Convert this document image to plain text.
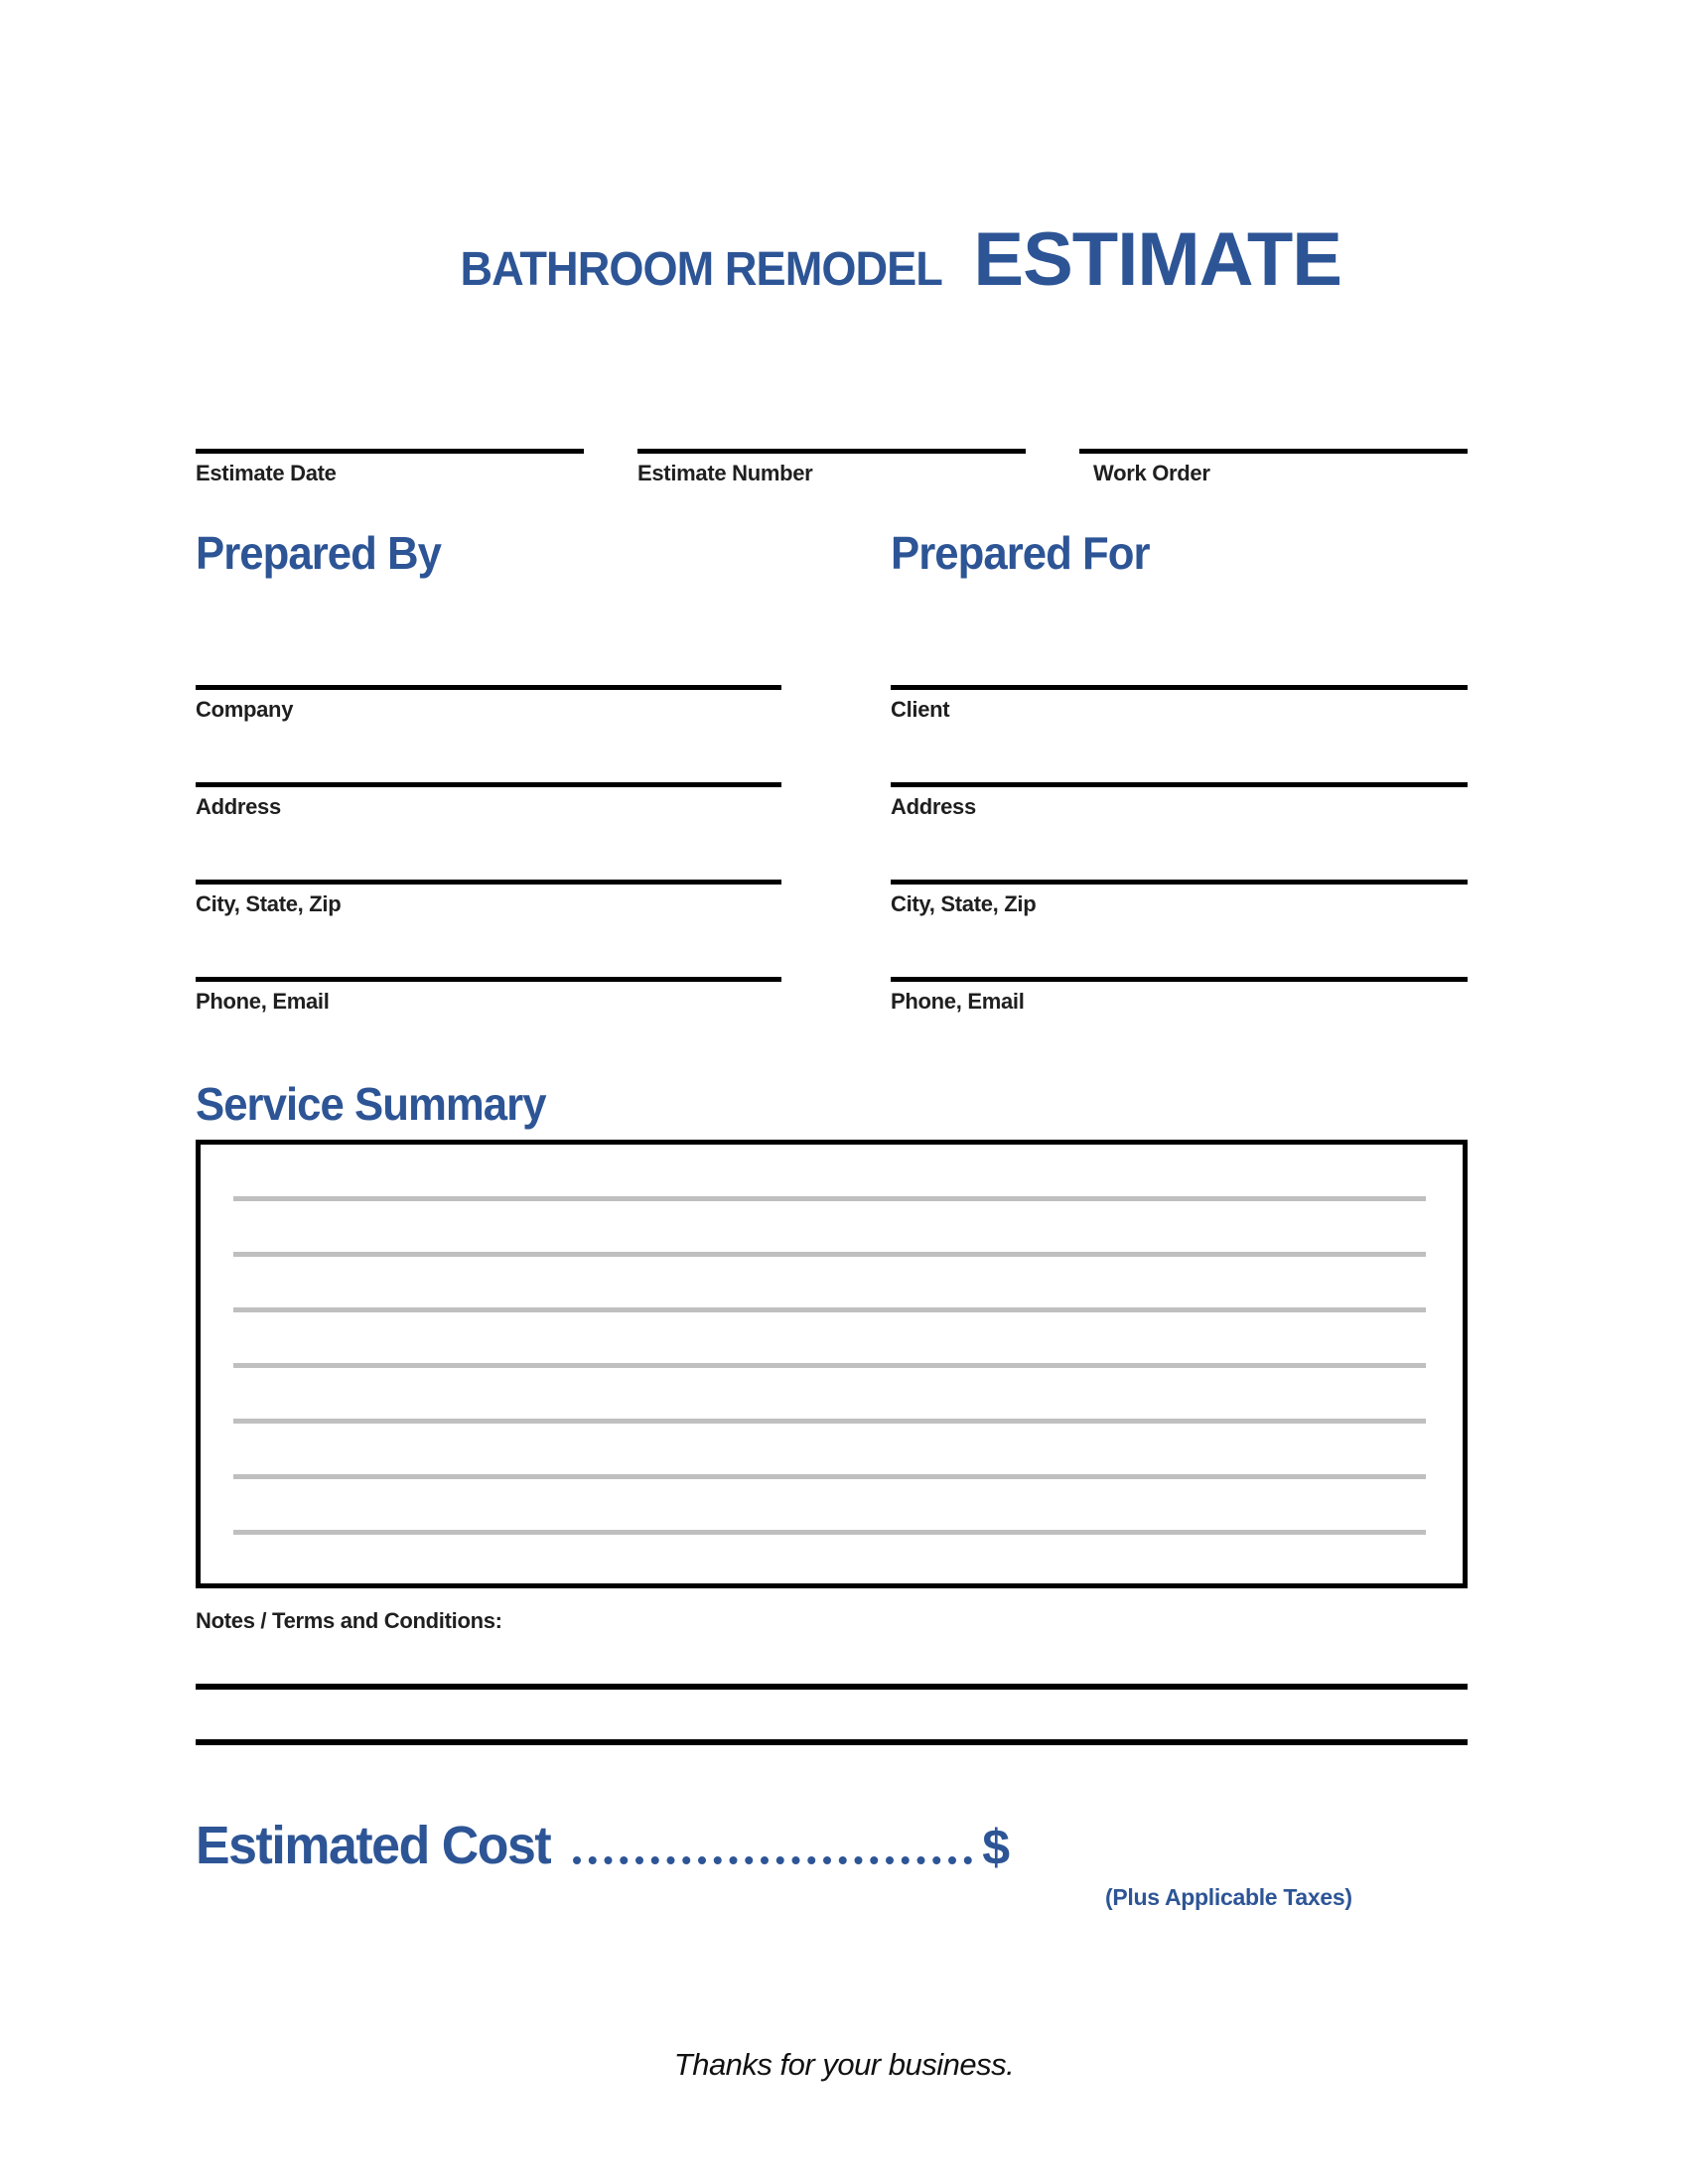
BATHROOM REMODEL ESTIMATE
Estimate Date	Estimate Number	Work Order
Prepared By
Company
Address
City, State, Zip
Phone, Email
Prepared For
Client
Address
City, State, Zip
Phone, Email
Service Summary
Notes / Terms and Conditions:
Estimated Cost	$
(Plus Applicable Taxes)
Thanks for your business.
